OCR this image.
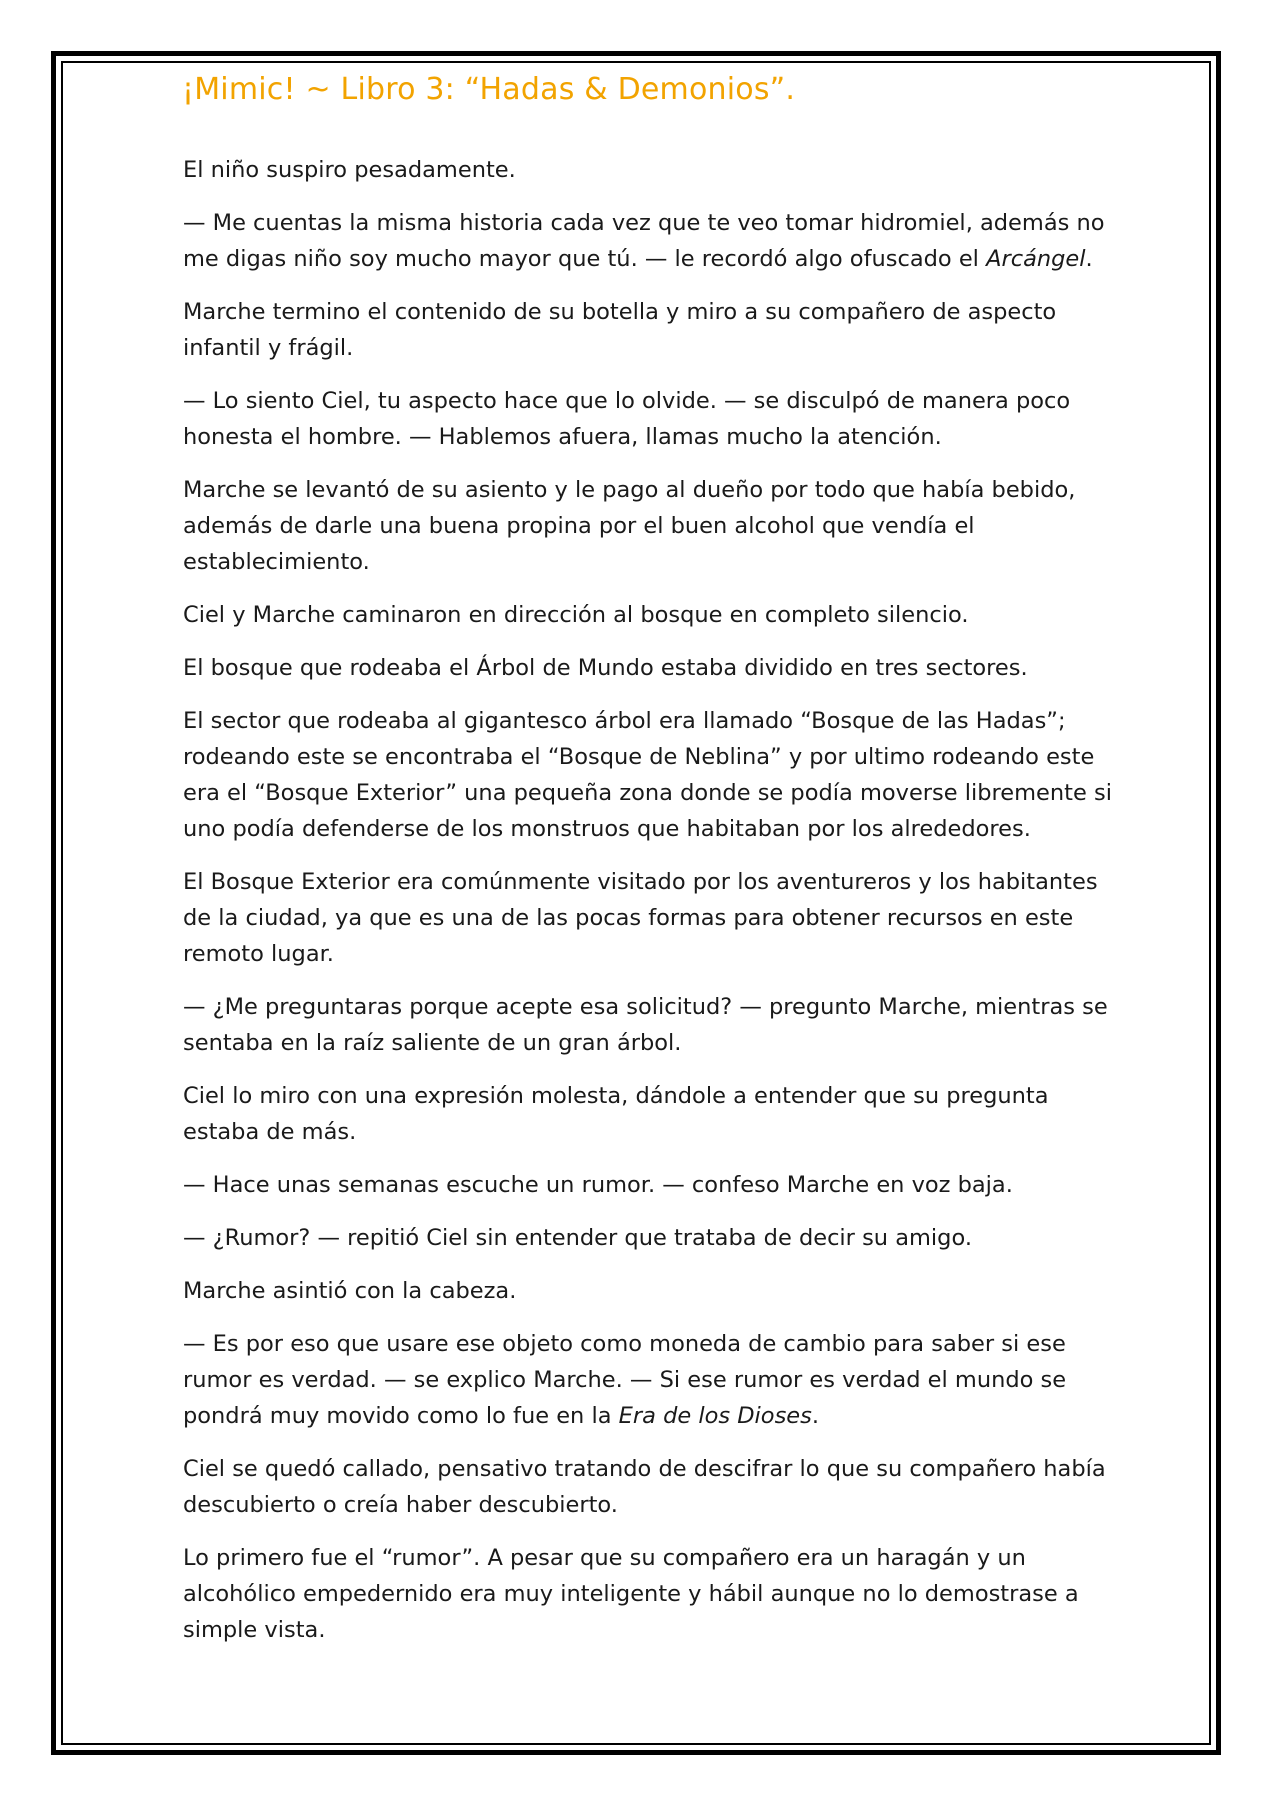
¡Mimic! ~ Libro 3: “Hadas & Demonios”.

El niño suspiro pesadamente.

— Me cuentas la misma historia cada vez que te veo tomar hidromiel, además no me digas niño soy mucho mayor que tú. — le recordó algo ofuscado el Arcángel.

Marche termino el contenido de su botella y miro a su compañero de aspecto infantil y frágil.

— Lo siento Ciel, tu aspecto hace que lo olvide. — se disculpó de manera poco honesta el hombre. — Hablemos afuera, llamas mucho la atención.

Marche se levantó de su asiento y le pago al dueño por todo que había bebido, además de darle una buena propina por el buen alcohol que vendía el establecimiento.

Ciel y Marche caminaron en dirección al bosque en completo silencio.

El bosque que rodeaba el Árbol de Mundo estaba dividido en tres sectores.

El sector que rodeaba al gigantesco árbol era llamado “Bosque de las Hadas”; rodeando este se encontraba el “Bosque de Neblina” y por ultimo rodeando este era el “Bosque Exterior” una pequeña zona donde se podía moverse libremente si uno podía defenderse de los monstruos que habitaban por los alrededores.

El Bosque Exterior era comúnmente visitado por los aventureros y los habitantes de la ciudad, ya que es una de las pocas formas para obtener recursos en este remoto lugar.

— ¿Me preguntaras porque acepte esa solicitud? — pregunto Marche, mientras se sentaba en la raíz saliente de un gran árbol.

Ciel lo miro con una expresión molesta, dándole a entender que su pregunta estaba de más.

— Hace unas semanas escuche un rumor. — confeso Marche en voz baja.

— ¿Rumor? — repitió Ciel sin entender que trataba de decir su amigo.

Marche asintió con la cabeza.

— Es por eso que usare ese objeto como moneda de cambio para saber si ese rumor es verdad. — se explico Marche. — Si ese rumor es verdad el mundo se pondrá muy movido como lo fue en la Era de los Dioses.

Ciel se quedó callado, pensativo tratando de descifrar lo que su compañero había descubierto o creía haber descubierto.

Lo primero fue el “rumor”. A pesar que su compañero era un haragán y un alcohólico empedernido era muy inteligente y hábil aunque no lo demostrase a simple vista.
